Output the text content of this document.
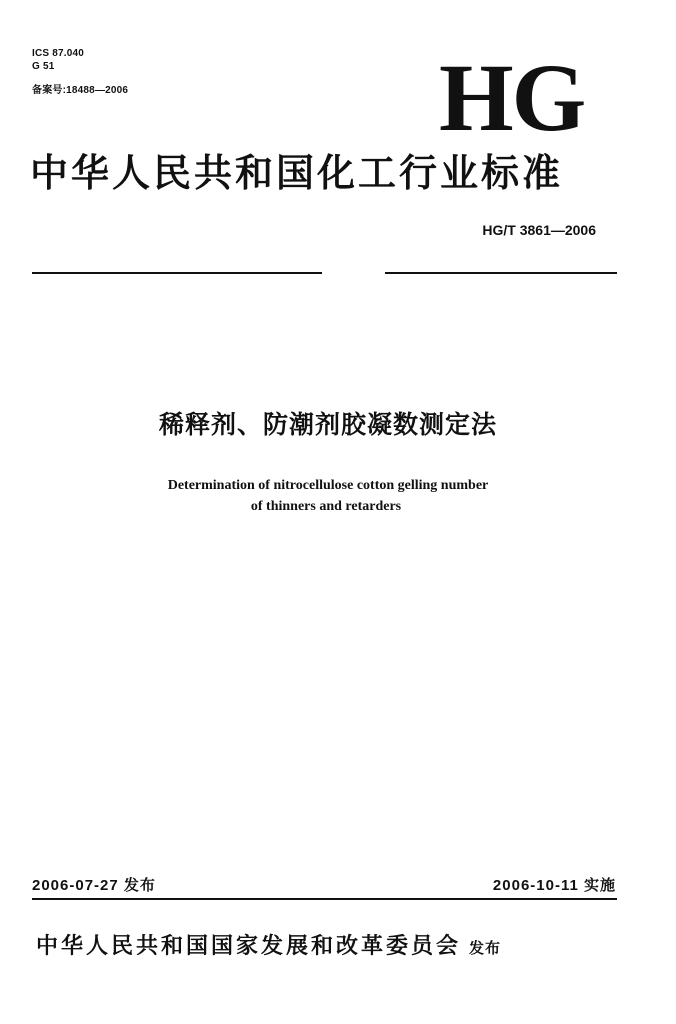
ICS 87.040
G 51
备案号:18488—2006	HG
中华人民共和国化工行业标准
HG/T 3861—2006
稀释剂、防潮剂胶凝数测定法
Determination of nitrocellulose cotton gelling number
of thinners and retarders
2006-07-27 发布	2006-10-11 实施
中华人民共和国国家发展和改革委员会 发布
